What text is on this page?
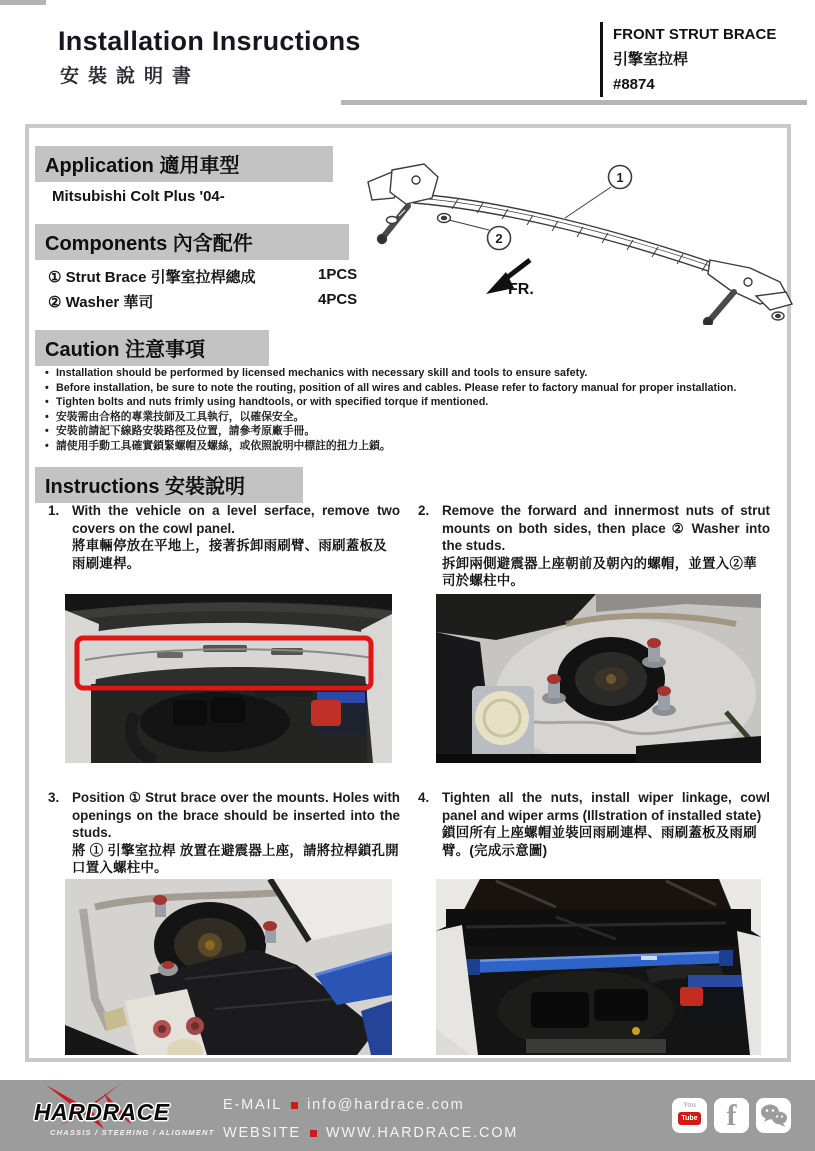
Installation Insructions
安裝說明書
FRONT STRUT BRACE
引擎室拉桿
#8874
Application 適用車型
Mitsubishi Colt Plus '04-
Components 內含配件
① Strut Brace 引擎室拉桿總成	1PCS
② Washer 華司	4PCS
1
2
FR.
Caution 注意事項
• Installation should be performed by licensed mechanics with necessary skill and tools to ensure safety.
• Before installation, be sure to note the routing, position of all wires and cables. Please refer to factory manual for proper installation.
• Tighten bolts and nuts frimly using handtools, or with specified torque if mentioned.
• 安裝需由合格的專業技師及工具執行，以確保安全。
• 安裝前請記下線路安裝路徑及位置，請參考原廠手冊。
• 請使用手動工具確實鎖緊螺帽及螺絲，或依照說明中標註的扭力上鎖。
Instructions 安裝說明
1. With the vehicle on a level serface, remove two covers on the cowl panel.
將車輛停放在平地上，接著拆卸雨刷臂、雨刷蓋板及雨刷連桿。
2. Remove the forward and innermost nuts of strut mounts on both sides, then place ② Washer into the studs.
拆卸兩側避震器上座朝前及朝內的螺帽，並置入②華司於螺柱中。
3. Position ① Strut brace over the mounts. Holes with openings on the brace should be inserted into the studs.
將 ① 引擎室拉桿 放置在避震器上座，請將拉桿鎖孔開口置入螺柱中。
4. Tighten all the nuts, install wiper linkage, cowl panel and wiper arms (Illstration of installed state)
鎖回所有上座螺帽並裝回雨刷連桿、雨刷蓋板及雨刷臂。(完成示意圖)
HARDRACE
CHASSIS / STEERING / ALIGNMENT
E-MAIL info@hardrace.com
WEBSITE WWW.HARDRACE.COM
You
Tube f
